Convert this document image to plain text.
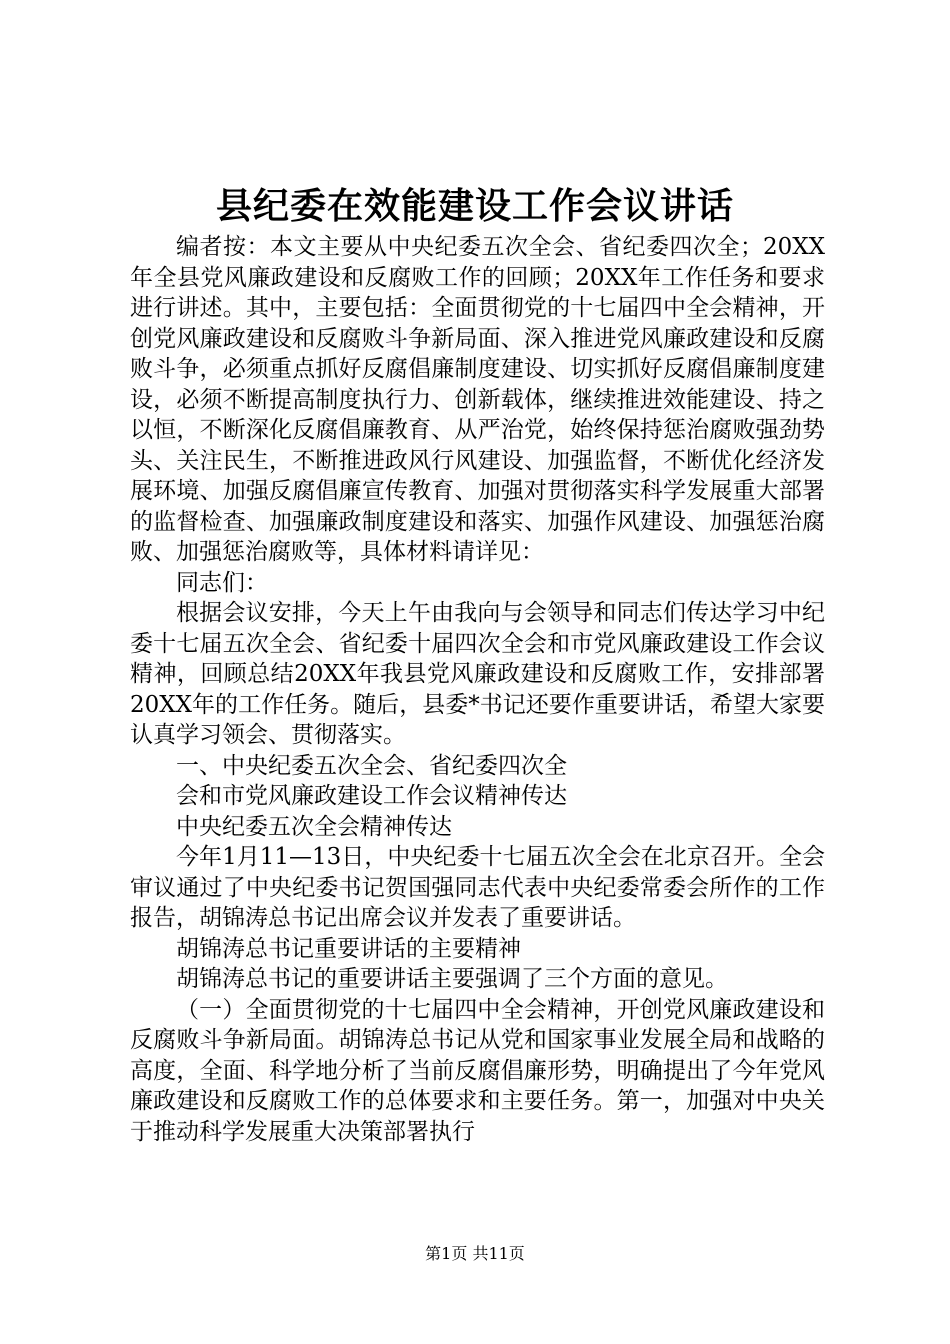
县纪委在效能建设工作会议讲话

编者按：本文主要从中央纪委五次全会、省纪委四次全；20XX年全县党风廉政建设和反腐败工作的回顾；20XX年工作任务和要求进行讲述。其中，主要包括：全面贯彻党的十七届四中全会精神，开创党风廉政建设和反腐败斗争新局面、深入推进党风廉政建设和反腐败斗争，必须重点抓好反腐倡廉制度建设、切实抓好反腐倡廉制度建设，必须不断提高制度执行力、创新载体，继续推进效能建设、持之以恒，不断深化反腐倡廉教育、从严治党，始终保持惩治腐败强劲势头、关注民生，不断推进政风行风建设、加强监督，不断优化经济发展环境、加强反腐倡廉宣传教育、加强对贯彻落实科学发展重大部署的监督检查、加强廉政制度建设和落实、加强作风建设、加强惩治腐败、加强惩治腐败等，具体材料请详见：

同志们：

根据会议安排，今天上午由我向与会领导和同志们传达学习中纪委十七届五次全会、省纪委十届四次全会和市党风廉政建设工作会议精神，回顾总结20XX年我县党风廉政建设和反腐败工作，安排部署20XX年的工作任务。随后，县委*书记还要作重要讲话，希望大家要认真学习领会、贯彻落实。

一、中央纪委五次全会、省纪委四次全

会和市党风廉政建设工作会议精神传达

中央纪委五次全会精神传达

今年1月11—13日，中央纪委十七届五次全会在北京召开。全会审议通过了中央纪委书记贺国强同志代表中央纪委常委会所作的工作报告，胡锦涛总书记出席会议并发表了重要讲话。

胡锦涛总书记重要讲话的主要精神

胡锦涛总书记的重要讲话主要强调了三个方面的意见。

（一）全面贯彻党的十七届四中全会精神，开创党风廉政建设和反腐败斗争新局面。胡锦涛总书记从党和国家事业发展全局和战略的高度，全面、科学地分析了当前反腐倡廉形势，明确提出了今年党风廉政建设和反腐败工作的总体要求和主要任务。第一，加强对中央关于推动科学发展重大决策部署执行

第1页 共11页
